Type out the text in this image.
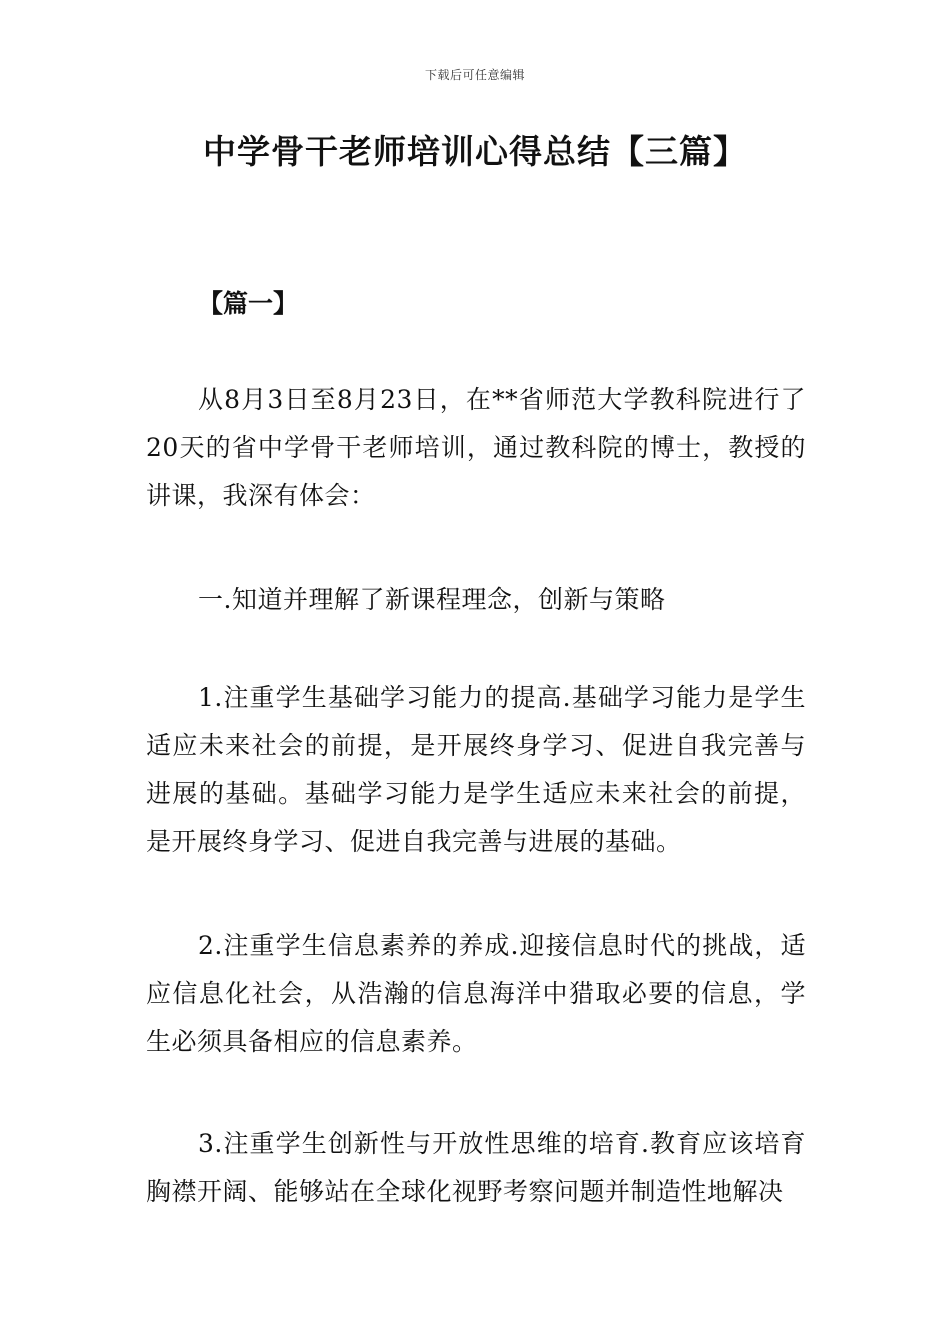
下载后可任意编辑
中学骨干老师培训心得总结【三篇】
【篇一】

从8月3日至8月23日，在**省师范大学教科院进行了20天的省中学骨干老师培训，通过教科院的博士，教授的讲课，我深有体会：

一.知道并理解了新课程理念，创新与策略

1.注重学生基础学习能力的提高.基础学习能力是学生适应未来社会的前提，是开展终身学习、促进自我完善与进展的基础。基础学习能力是学生适应未来社会的前提，是开展终身学习、促进自我完善与进展的基础。

2.注重学生信息素养的养成.迎接信息时代的挑战，适应信息化社会，从浩瀚的信息海洋中猎取必要的信息，学生必须具备相应的信息素养。

3.注重学生创新性与开放性思维的培育.教育应该培育胸襟开阔、能够站在全球化视野考察问题并制造性地解决
